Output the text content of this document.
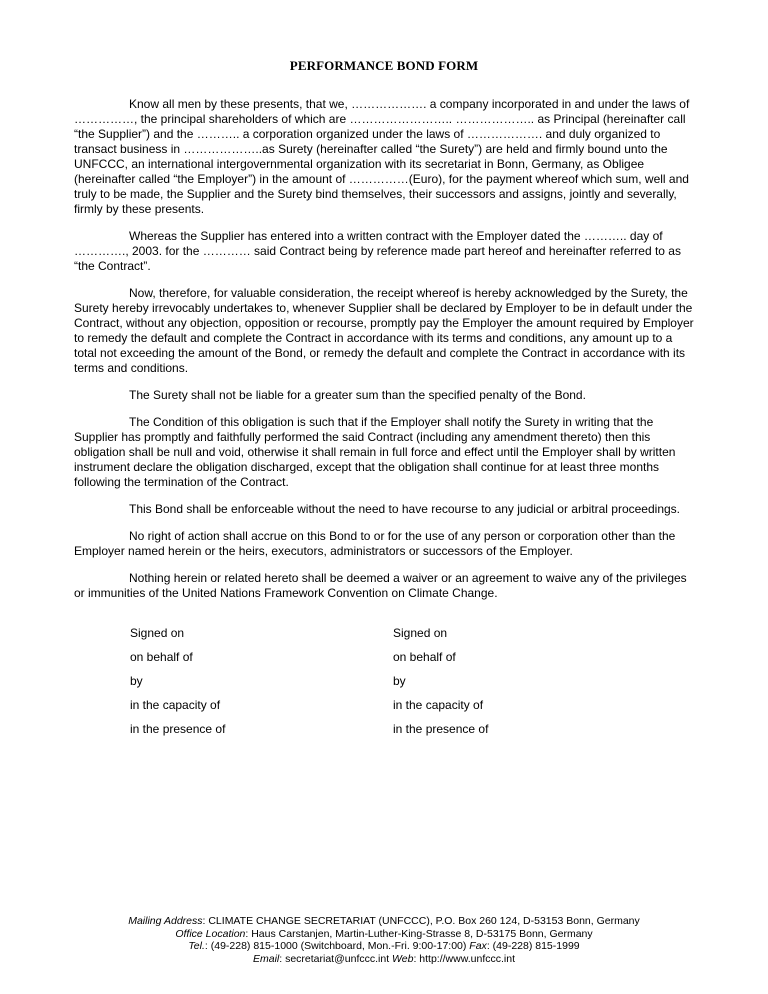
PERFORMANCE BOND FORM

Know all men by these presents, that we, ………………. a company incorporated in and under the laws of ……………, the principal shareholders of which are …………………….. ……………….. as Principal (hereinafter call “the Supplier”) and the ……….. a corporation organized under the laws of ………………. and duly organized to transact business in ………………..as Surety (hereinafter called “the Surety”) are held and firmly bound unto the UNFCCC, an international intergovernmental organization with its secretariat in Bonn, Germany, as Obligee (hereinafter called “the Employer”) in the amount of ……………(Euro), for the payment whereof which sum, well and truly to be made, the Supplier and the Surety bind themselves, their successors and assigns, jointly and severally, firmly by these presents.

Whereas the Supplier has entered into a written contract with the Employer dated the ……….. day of …………., 2003. for the ………… said Contract being by reference made part hereof and hereinafter referred to as “the Contract”.

Now, therefore, for valuable consideration, the receipt whereof is hereby acknowledged by the Surety, the Surety hereby irrevocably undertakes to, whenever Supplier shall be declared by Employer to be in default under the Contract, without any objection, opposition or recourse, promptly pay the Employer the amount required by Employer to remedy the default and complete the Contract in accordance with its terms and conditions, any amount up to a total not exceeding the amount of the Bond, or remedy the default and complete the Contract in accordance with its terms and conditions.

The Surety shall not be liable for a greater sum than the specified penalty of the Bond.

The Condition of this obligation is such that if the Employer shall notify the Surety in writing that the Supplier has promptly and faithfully performed the said Contract (including any amendment thereto) then this obligation shall be null and void, otherwise it shall remain in full force and effect until the Employer shall by written instrument declare the obligation discharged, except that the obligation shall continue for at least three months following the termination of the Contract.

This Bond shall be enforceable without the need to have recourse to any judicial or arbitral proceedings.

No right of action shall accrue on this Bond to or for the use of any person or corporation other than the Employer named herein or the heirs, executors, administrators or successors of the Employer.

Nothing herein or related hereto shall be deemed a waiver or an agreement to waive any of the privileges or immunities of the United Nations Framework Convention on Climate Change.

Signed on	Signed on
on behalf of	on behalf of
by	by
in the capacity of	in the capacity of
in the presence of	in the presence of
Mailing Address: CLIMATE CHANGE SECRETARIAT (UNFCCC), P.O. Box 260 124, D-53153 Bonn, Germany
Office Location: Haus Carstanjen, Martin-Luther-King-Strasse 8, D-53175 Bonn, Germany
Tel.: (49-228) 815-1000 (Switchboard, Mon.-Fri. 9:00-17:00) Fax: (49-228) 815-1999
Email: secretariat@unfccc.int Web: http://www.unfccc.int
